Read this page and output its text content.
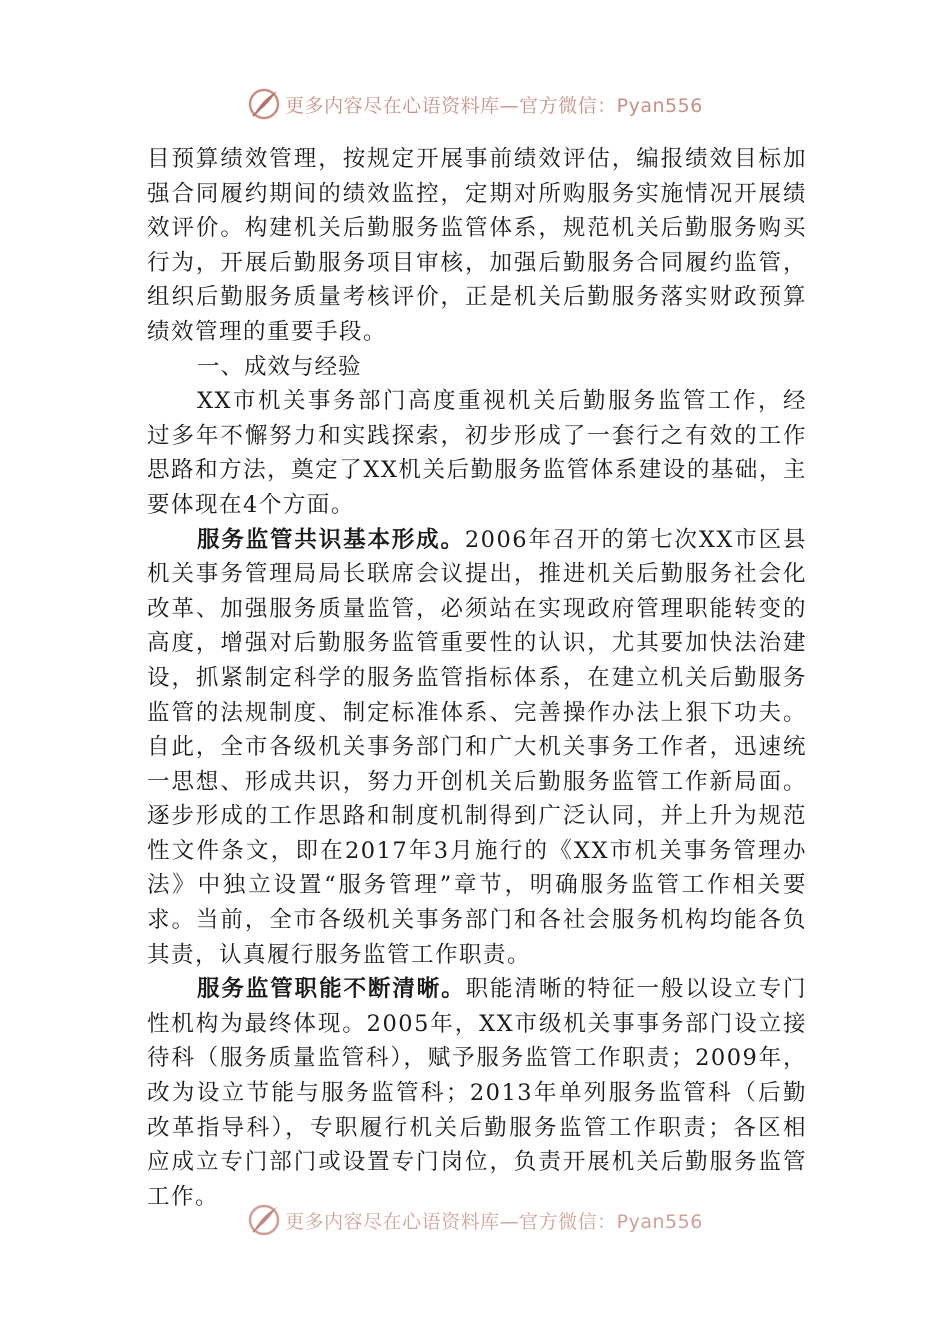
更多内容尽在心语资料库—官方微信：Pyan556

目预算绩效管理，按规定开展事前绩效评估，编报绩效目标加强合同履约期间的绩效监控，定期对所购服务实施情况开展绩效评价。构建机关后勤服务监管体系，规范机关后勤服务购买行为，开展后勤服务项目审核，加强后勤服务合同履约监管，组织后勤服务质量考核评价，正是机关后勤服务落实财政预算绩效管理的重要手段。

一、成效与经验

XX市机关事务部门高度重视机关后勤服务监管工作，经过多年不懈努力和实践探索，初步形成了一套行之有效的工作思路和方法，奠定了XX机关后勤服务监管体系建设的基础，主要体现在4个方面。

服务监管共识基本形成。2006年召开的第七次XX市区县机关事务管理局局长联席会议提出，推进机关后勤服务社会化改革、加强服务质量监管，必须站在实现政府管理职能转变的高度，增强对后勤服务监管重要性的认识，尤其要加快法治建设，抓紧制定科学的服务监管指标体系，在建立机关后勤服务监管的法规制度、制定标准体系、完善操作办法上狠下功夫。自此，全市各级机关事务部门和广大机关事务工作者，迅速统一思想、形成共识，努力开创机关后勤服务监管工作新局面。逐步形成的工作思路和制度机制得到广泛认同，并上升为规范性文件条文，即在2017年3月施行的《XX市机关事务管理办法》中独立设置“服务管理”章节，明确服务监管工作相关要求。当前，全市各级机关事务部门和各社会服务机构均能各负其责，认真履行服务监管工作职责。

服务监管职能不断清晰。职能清晰的特征一般以设立专门性机构为最终体现。2005年，XX市级机关事事务部门设立接待科（服务质量监管科），赋予服务监管工作职责；2009年，改为设立节能与服务监管科；2013年单列服务监管科（后勤改革指导科），专职履行机关后勤服务监管工作职责；各区相应成立专门部门或设置专门岗位，负责开展机关后勤服务监管工作。

更多内容尽在心语资料库—官方微信：Pyan556
